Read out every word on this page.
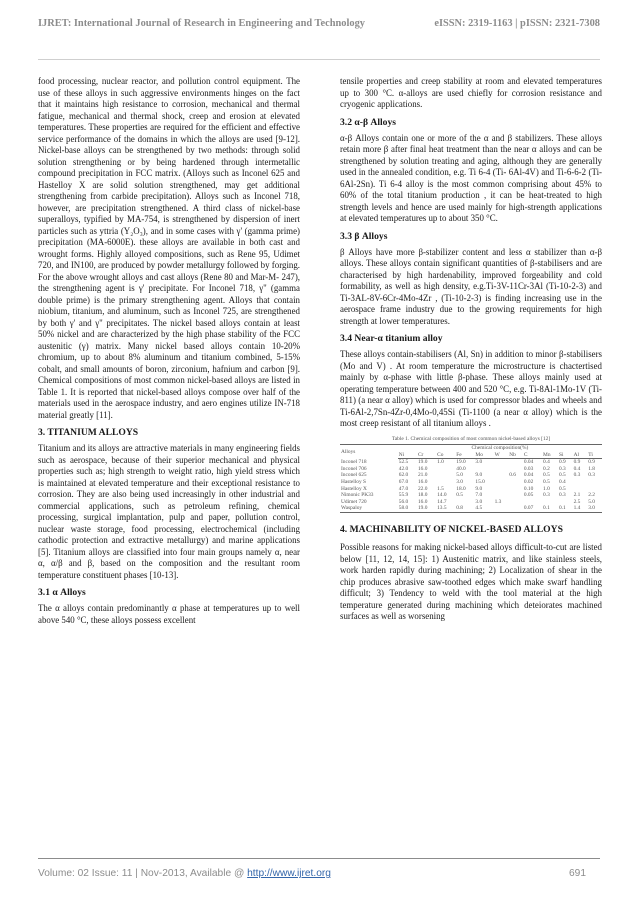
IJRET: International Journal of Research in Engineering and Technology	eISSN: 2319-1163 | pISSN: 2321-7308

food processing, nuclear reactor, and pollution control equipment. The use of these alloys in such aggressive environments hinges on the fact that it maintains high resistance to corrosion, mechanical and thermal fatigue, mechanical and thermal shock, creep and erosion at elevated temperatures. These properties are required for the efficient and effective service performance of the domains in which the alloys are used [9-12]. Nickel-base alloys can be strengthened by two methods: through solid solution strengthening or by being hardened through intermetallic compound precipitation in FCC matrix. (Alloys such as Inconel 625 and Hastelloy X are solid solution strengthened, may get additional strengthening from carbide precipitation). Alloys such as Inconel 718, however, are precipitation strengthened. A third class of nickel-base superalloys, typified by MA-754, is strengthened by dispersion of inert particles such as yttria (Y₂O₃), and in some cases with γ' (gamma prime) precipitation (MA-6000E). these alloys are available in both cast and wrought forms. Highly alloyed compositions, such as Rene 95, Udimet 720, and IN100, are produced by powder metallurgy followed by forging. For the above wrought alloys and cast alloys (Rene 80 and Mar-M- 247), the strengthening agent is γ' precipitate. For Inconel 718, γ" (gamma double prime) is the primary strengthening agent. Alloys that contain niobium, titanium, and aluminum, such as Inconel 725, are strengthened by both γ' and γ" precipitates. The nickel based alloys contain at least 50% nickel and are characterized by the high phase stability of the FCC austenitic (γ) matrix. Many nickel based alloys contain 10-20% chromium, up to about 8% aluminum and titanium combined, 5-15% cobalt, and small amounts of boron, zirconium, hafnium and carbon [9]. Chemical compositions of most common nickel-based alloys are listed in Table 1. It is reported that nickel-based alloys compose over half of the materials used in the aerospace industry, and aero engines utilize IN-718 material greatly [11].

3. TITANIUM ALLOYS

Titanium and its alloys are attractive materials in many engineering fields such as aerospace, because of their superior mechanical and physical properties such as; high strength to weight ratio, high yield stress which is maintained at elevated temperature and their exceptional resistance to corrosion. They are also being used increasingly in other industrial and commercial applications, such as petroleum refining, chemical processing, surgical implantation, pulp and paper, pollution control, nuclear waste storage, food processing, electrochemical (including cathodic protection and extractive metallurgy) and marine applications [5]. Titanium alloys are classified into four main groups namely α, near α, α/β and β, based on the composition and the resultant room temperature constituent phases [10-13].

3.1 α Alloys

The α alloys contain predominantly α phase at temperatures up to well above 540 °C, these alloys possess excellent

tensile properties and creep stability at room and elevated temperatures up to 300 °C. α-alloys are used chiefly for corrosion resistance and cryogenic applications.

3.2 α-β Alloys

α-β Alloys contain one or more of the α and β stabilizers. These alloys retain more β after final heat treatment than the near α alloys and can be strengthened by solution treating and aging, although they are generally used in the annealed condition, e.g. Ti 6-4 (Ti- 6Al-4V) and Ti-6-6-2 (Ti-6Al-2Sn). Ti 6-4 alloy is the most common comprising about 45% to 60% of the total titanium production , it can be heat-treated to high strength levels and hence are used mainly for high-strength applications at elevated temperatures up to about 350 °C.

3.3 β Alloys

β Alloys have more β-stabilizer content and less α stabilizer than α-β alloys. These alloys contain significant quantities of β-stabilisers and are characterised by high hardenability, improved forgeability and cold formability, as well as high density, e.g.Ti-3V-11Cr-3Al (Ti-10-2-3) and Ti-3AL-8V-6Cr-4Mo-4Zr , (Ti-10-2-3) is finding increasing use in the aerospace frame industry due to the growing requirements for high strength at lower temperatures.

3.4 Near-α titanium alloy

These alloys contain-stabilisers (Al, Sn) in addition to minor β-stabilisers (Mo and V) . At room temperature the microstructure is chactertised mainly by α-phase with little β-phase. These alloys mainly used at operating temperature between 400 and 520 °C, e.g. Ti-8Al-1Mo-1V (Ti-811) (a near α alloy) which is used for compressor blades and wheels and Ti-6Al-2,7Sn-4Zr-0,4Mo-0,45Si (Ti-1100 (a near α alloy) which is the most creep resistant of all titanium alloys .

Table 1. Chemical composition of most common nickel-based alloys [12]
Alloys	Chemical composition(%)											
	Ni	Cr	Co	Fe	Mo	W	Nb	C	Mn	Si	Al	Ti
Inconel 718	52.5	19.0	1.0	19.0	3.0			0.04	0.4	0.9	0.9	0.9
Inconel 706	42.0	16.0		40.0				0.03	0.2	0.3	0.4	1.8
Inconel 625	62.0	21.0		5.0	9.0		0.6	0.04	0.5	0.5	0.3	0.3
Hastelloy S	67.0	16.0		3.0	15.0			0.02	0.5	0.4		
Hastelloy X	47.0	22.0	1.5	18.0	9.0			0.10	1.0	0.5		
Nimonic PK33	55.9	18.0	14.0	0.5	7.0			0.05	0.3	0.3	2.1	2.2
Udimet 720	56.0	16.0	14.7		3.0	1.3					2.5	5.0
Waspaloy	58.0	19.0	13.5	0.8	4.5			0.07	0.1	0.1	1.4	3.0
4. MACHINABILITY OF NICKEL-BASED ALLOYS

Possible reasons for making nickel-based alloys difficult-to-cut are listed below [11, 12, 14, 15]: 1) Austenitic matrix, and like stainless steels, work harden rapidly during machining; 2) Localization of shear in the chip produces abrasive saw-toothed edges which make swarf handling difficult; 3) Tendency to weld with the tool material at the high temperature generated during machining which deteiorates machined surfaces as well as worsening

Volume: 02 Issue: 11 | Nov-2013, Available @ http://www.ijret.org	691
